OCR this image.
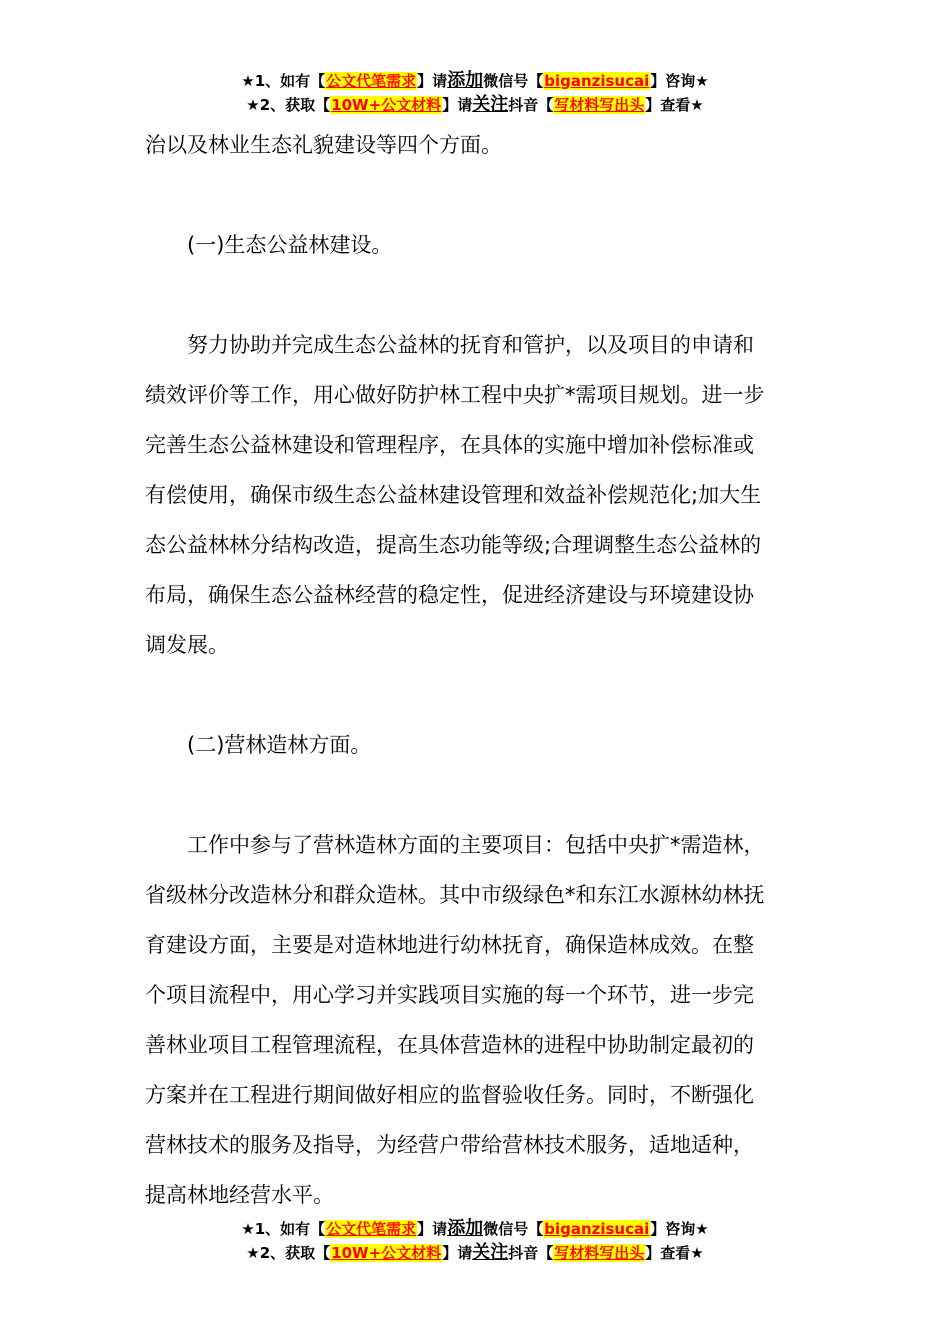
★1、如有【公文代笔需求】请添加微信号【biganzisucai】咨询★
★2、获取【10W+公文材料】请关注抖音【写材料写出头】查看★

治以及林业生态礼貌建设等四个方面。

(一)生态公益林建设。

努力协助并完成生态公益林的抚育和管护，以及项目的申请和

绩效评价等工作，用心做好防护林工程中央扩*需项目规划。进一步

完善生态公益林建设和管理程序，在具体的实施中增加补偿标准或

有偿使用，确保市级生态公益林建设管理和效益补偿规范化;加大生

态公益林林分结构改造，提高生态功能等级;合理调整生态公益林的

布局，确保生态公益林经营的稳定性，促进经济建设与环境建设协

调发展。

(二)营林造林方面。

工作中参与了营林造林方面的主要项目：包括中央扩*需造林，

省级林分改造林分和群众造林。其中市级绿色*和东江水源林幼林抚

育建设方面，主要是对造林地进行幼林抚育，确保造林成效。在整

个项目流程中，用心学习并实践项目实施的每一个环节，进一步完

善林业项目工程管理流程，在具体营造林的进程中协助制定最初的

方案并在工程进行期间做好相应的监督验收任务。同时，不断强化

营林技术的服务及指导，为经营户带给营林技术服务，适地适种，

提高林地经营水平。

★1、如有【公文代笔需求】请添加微信号【biganzisucai】咨询★
★2、获取【10W+公文材料】请关注抖音【写材料写出头】查看★
